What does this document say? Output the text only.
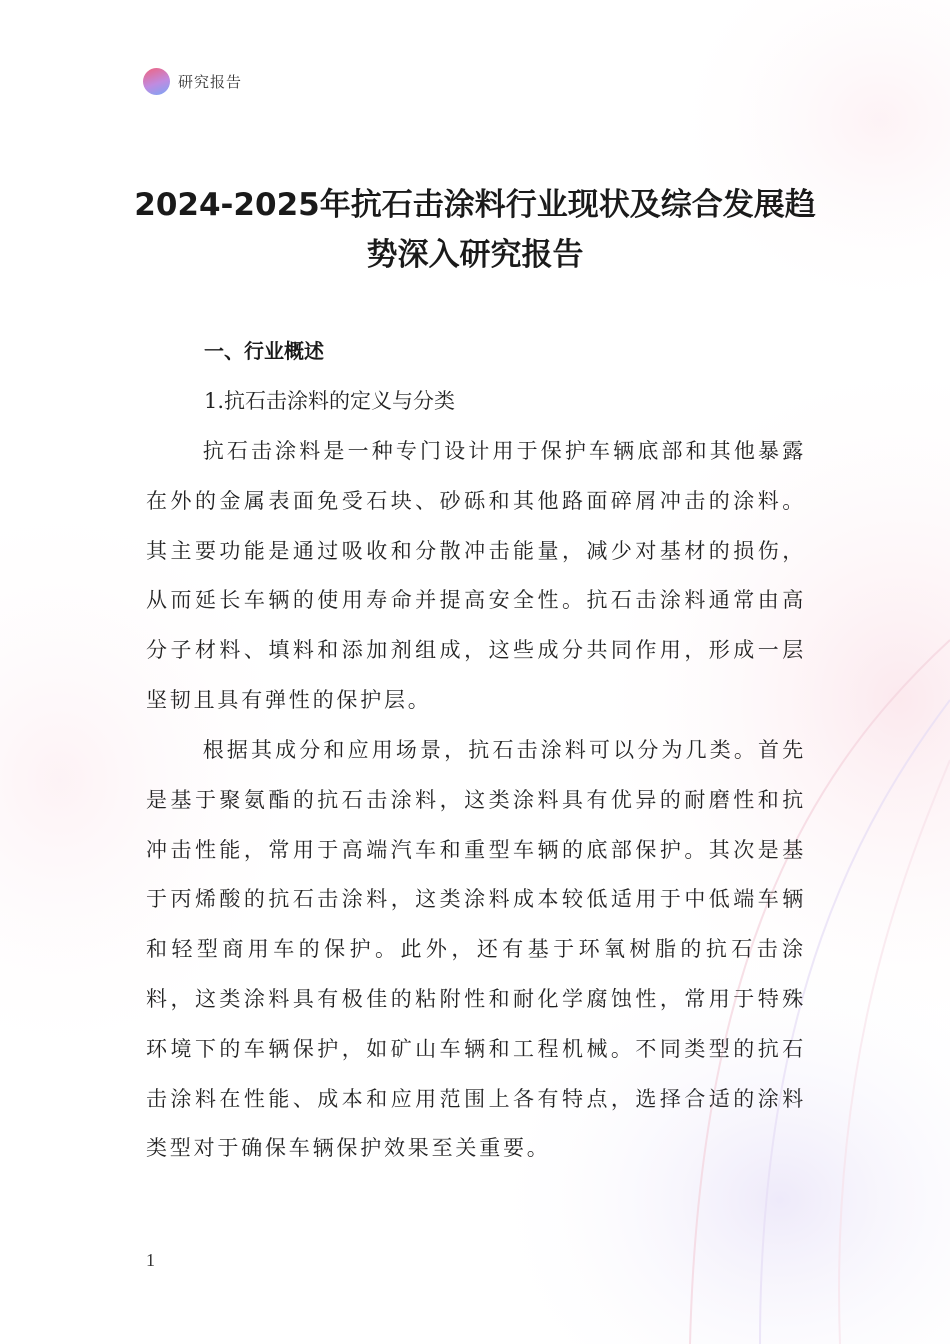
研究报告
2024-2025年抗石击涂料行业现状及综合发展趋势深入研究报告
一、行业概述
1.抗石击涂料的定义与分类

抗石击涂料是一种专门设计用于保护车辆底部和其他暴露在外的金属表面免受石块、砂砾和其他路面碎屑冲击的涂料。其主要功能是通过吸收和分散冲击能量，减少对基材的损伤，从而延长车辆的使用寿命并提高安全性。抗石击涂料通常由高分子材料、填料和添加剂组成，这些成分共同作用，形成一层坚韧且具有弹性的保护层。

根据其成分和应用场景，抗石击涂料可以分为几类。首先是基于聚氨酯的抗石击涂料，这类涂料具有优异的耐磨性和抗冲击性能，常用于高端汽车和重型车辆的底部保护。其次是基于丙烯酸的抗石击涂料，这类涂料成本较低适用于中低端车辆和轻型商用车的保护。此外，还有基于环氧树脂的抗石击涂料，这类涂料具有极佳的粘附性和耐化学腐蚀性，常用于特殊环境下的车辆保护，如矿山车辆和工程机械。不同类型的抗石击涂料在性能、成本和应用范围上各有特点，选择合适的涂料类型对于确保车辆保护效果至关重要。

1
